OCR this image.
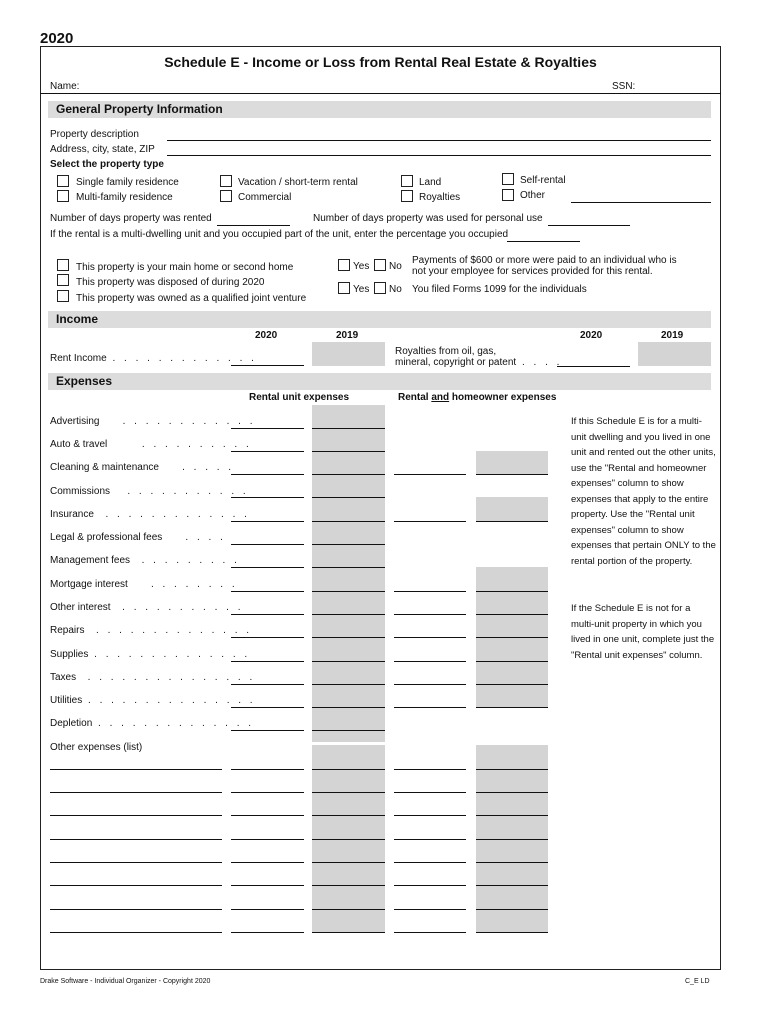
2020
Schedule E - Income or Loss from Rental Real Estate & Royalties
Name:	SSN:
General Property Information
Property description
Address, city, state, ZIP
Select the property type
Single family residence
Multi-family residence
Vacation / short-term rental
Commercial
Land
Royalties
Self-rental
Other
Number of days property was rented	Number of days property was used for personal use
If the rental is a multi-dwelling unit and you occupied part of the unit, enter the percentage you occupied
This property is your main home or second home
This property was disposed of during 2020
This property was owned as a qualified joint venture
Yes No
Payments of $600 or more were paid to an individual who is
not your employee for services provided for this rental.
Yes No You filed Forms 1099 for the individuals
Income
2020	2019	2020	2019
Rent Income . . . . . . . . . . . . .
Royalties from oil, gas,
mineral, copyright or patent . . . .
Expenses
Rental unit expenses	Rental and homeowner expenses
Advertising    . . . . . . . . . . . .
Auto & travel      . . . . . . . . . .
Cleaning & maintenance    . . . . .
Commissions   . . . . . . . . . . .
Insurance  . . . . . . . . . . . . .
Legal & professional fees    . . . .
Management fees  . . . . . . . . .
Mortgage interest    . . . . . . . .
Other interest  . . . . . . . . . . .
Repairs  . . . . . . . . . . . . . .
Supplies . . . . . . . . . . . . . .
Taxes  . . . . . . . . . . . . . . .
Utilities . . . . . . . . . . . . . . .
Depletion . . . . . . . . . . . . . .
Other expenses (list)
If this Schedule E is for a multi-unit dwelling and you lived in one unit and rented out the other units, use the "Rental and homeowner expenses" column to show expenses that apply to the entire property. Use the "Rental unit expenses" column to show expenses that pertain ONLY to the rental portion of the property.
If the Schedule E is not for a multi-unit property in which you lived in one unit, complete just the "Rental unit expenses" column.
Drake Software - Individual Organizer - Copyright 2020	C_E LD
